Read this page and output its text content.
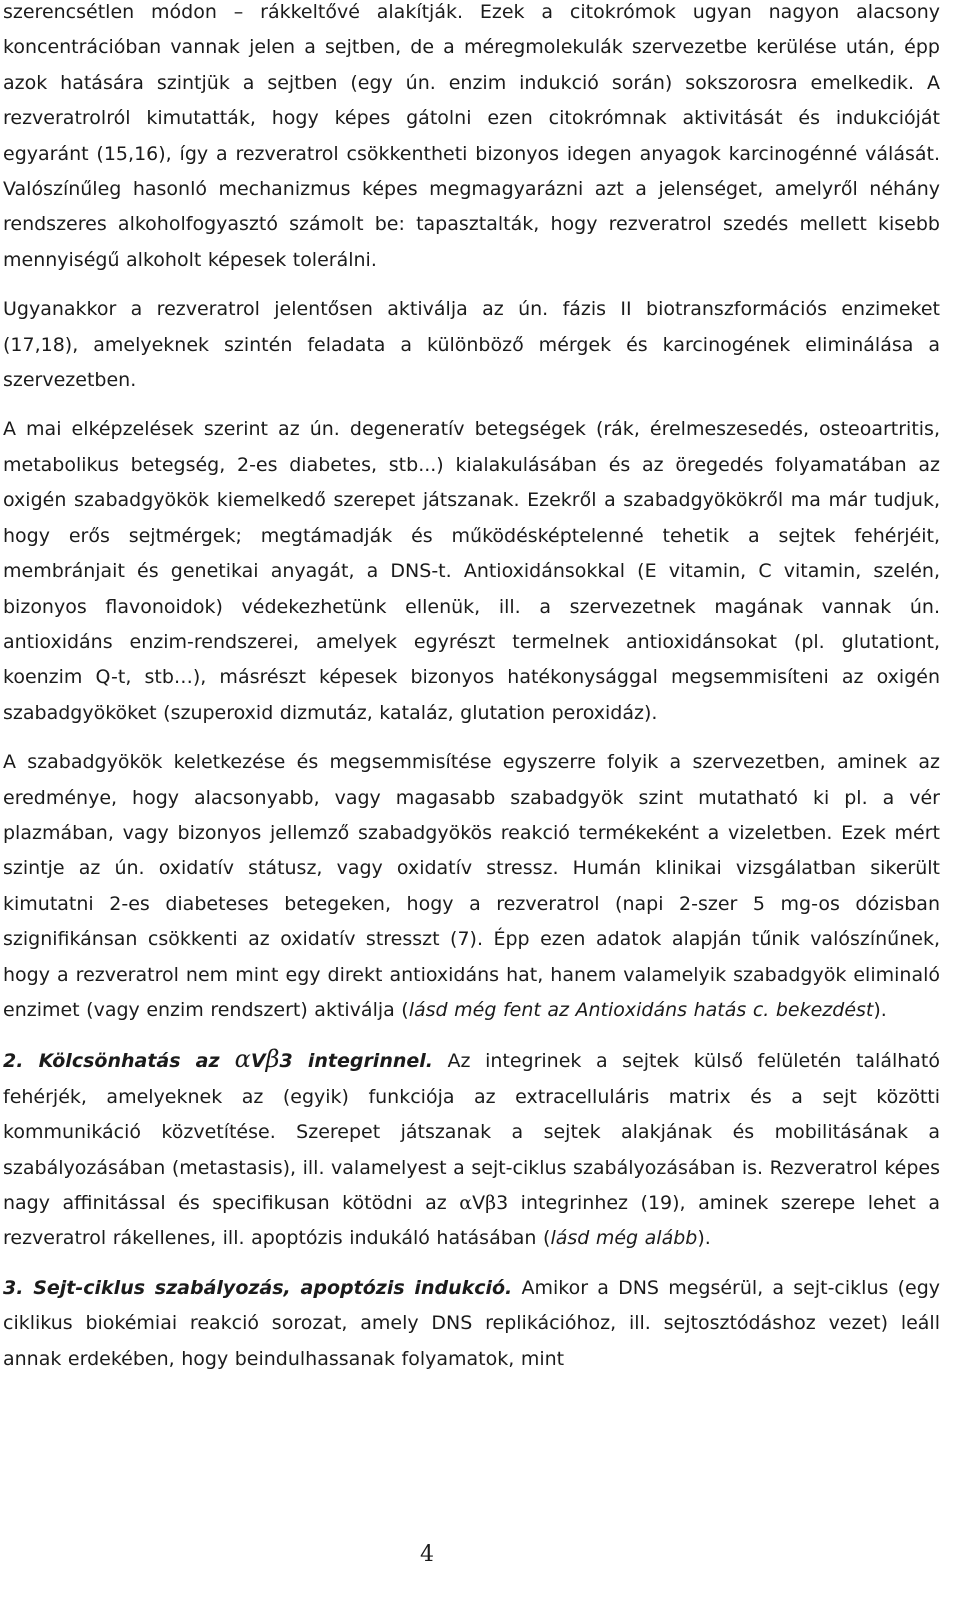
szerencsétlen módon – rákkeltővé alakítják. Ezek a citokrómok ugyan nagyon alacsony koncentrációban vannak jelen a sejtben, de a méregmolekulák szervezetbe kerülése után, épp azok hatására szintjük a sejtben (egy ún. enzim indukció során) sokszorosra emelkedik. A rezveratrolról kimutatták, hogy képes gátolni ezen citokrómnak aktivitását és indukcióját egyaránt (15,16), így a rezveratrol csökkentheti bizonyos idegen anyagok karcinogénné válását. Valószínűleg hasonló mechanizmus képes megmagyarázni azt a jelenséget, amelyről néhány rendszeres alkoholfogyasztó számolt be: tapasztalták, hogy rezveratrol szedés mellett kisebb mennyiségű alkoholt képesek tolerálni.

Ugyanakkor a rezveratrol jelentősen aktiválja az ún. fázis II biotranszformációs enzimeket (17,18), amelyeknek szintén feladata a különböző mérgek és karcinogének eliminálása a szervezetben.

A mai elképzelések szerint az ún. degeneratív betegségek (rák, érelmeszesedés, osteoartritis, metabolikus betegség, 2-es diabetes, stb...) kialakulásában és az öregedés folyamatában az oxigén szabadgyökök kiemelkedő szerepet játszanak. Ezekről a szabadgyökökről ma már tudjuk, hogy erős sejtmérgek; megtámadják és működésképtelenné tehetik a sejtek fehérjéit, membránjait és genetikai anyagát, a DNS-t. Antioxidánsokkal (E vitamin, C vitamin, szelén, bizonyos flavonoidok) védekezhetünk ellenük, ill. a szervezetnek magának vannak ún. antioxidáns enzim-rendszerei, amelyek egyrészt termelnek antioxidánsokat (pl. glutationt, koenzim Q-t, stb…), másrészt képesek bizonyos hatékonysággal megsemmisíteni az oxigén szabadgyököket (szuperoxid dizmutáz, kataláz, glutation peroxidáz).

A szabadgyökök keletkezése és megsemmisítése egyszerre folyik a szervezetben, aminek az eredménye, hogy alacsonyabb, vagy magasabb szabadgyök szint mutatható ki pl. a vér plazmában, vagy bizonyos jellemző szabadgyökös reakció termékeként a vizeletben. Ezek mért szintje az ún. oxidatív státusz, vagy oxidatív stressz. Humán klinikai vizsgálatban sikerült kimutatni 2-es diabeteses betegeken, hogy a rezveratrol (napi 2-szer 5 mg-os dózisban szignifikánsan csökkenti az oxidatív stresszt (7). Épp ezen adatok alapján tűnik valószínűnek, hogy a rezveratrol nem mint egy direkt antioxidáns hat, hanem valamelyik szabadgyök eliminaló enzimet (vagy enzim rendszert) aktiválja (lásd még fent az Antioxidáns hatás c. bekezdést).

2. Kölcsönhatás az αVβ3 integrinnel. Az integrinek a sejtek külső felületén található fehérjék, amelyeknek az (egyik) funkciója az extracelluláris matrix és a sejt közötti kommunikáció közvetítése. Szerepet játszanak a sejtek alakjának és mobilitásának a szabályozásában (metastasis), ill. valamelyest a sejt-ciklus szabályozásában is. Rezveratrol képes nagy affinitással és specifikusan kötödni az αVβ3 integrinhez (19), aminek szerepe lehet a rezveratrol rákellenes, ill. apoptózis indukáló hatásában (lásd még alább).

3. Sejt-ciklus szabályozás, apoptózis indukció. Amikor a DNS megsérül, a sejt-ciklus (egy ciklikus biokémiai reakció sorozat, amely DNS replikációhoz, ill. sejtosztódáshoz vezet) leáll annak erdekében, hogy beindulhassanak folyamatok, mint

4
